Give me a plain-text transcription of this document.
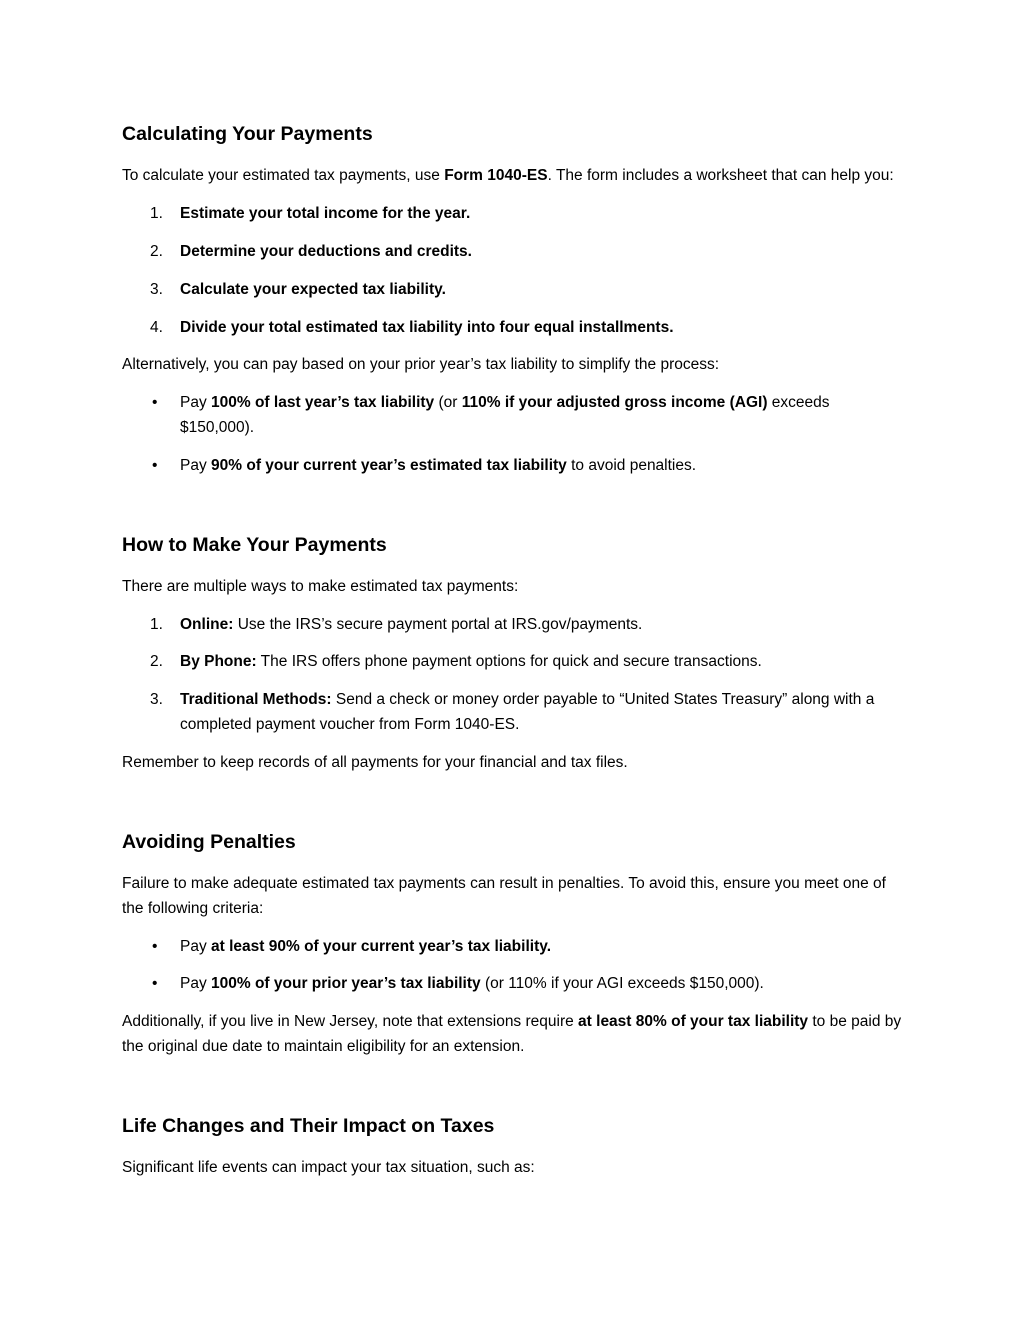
Calculating Your Payments

To calculate your estimated tax payments, use Form 1040-ES. The form includes a worksheet that can help you:

Estimate your total income for the year.
Determine your deductions and credits.
Calculate your expected tax liability.
Divide your total estimated tax liability into four equal installments.

Alternatively, you can pay based on your prior year’s tax liability to simplify the process:

• Pay 100% of last year’s tax liability (or 110% if your adjusted gross income (AGI) exceeds $150,000).
• Pay 90% of your current year’s estimated tax liability to avoid penalties.
How to Make Your Payments

There are multiple ways to make estimated tax payments:

Online: Use the IRS’s secure payment portal at IRS.gov/payments.
By Phone: The IRS offers phone payment options for quick and secure transactions.
Traditional Methods: Send a check or money order payable to “United States Treasury” along with a completed payment voucher from Form 1040-ES.

Remember to keep records of all payments for your financial and tax files.

Avoiding Penalties

Failure to make adequate estimated tax payments can result in penalties. To avoid this, ensure you meet one of the following criteria:

• Pay at least 90% of your current year’s tax liability.
• Pay 100% of your prior year’s tax liability (or 110% if your AGI exceeds $150,000).

Additionally, if you live in New Jersey, note that extensions require at least 80% of your tax liability to be paid by the original due date to maintain eligibility for an extension.

Life Changes and Their Impact on Taxes

Significant life events can impact your tax situation, such as:
